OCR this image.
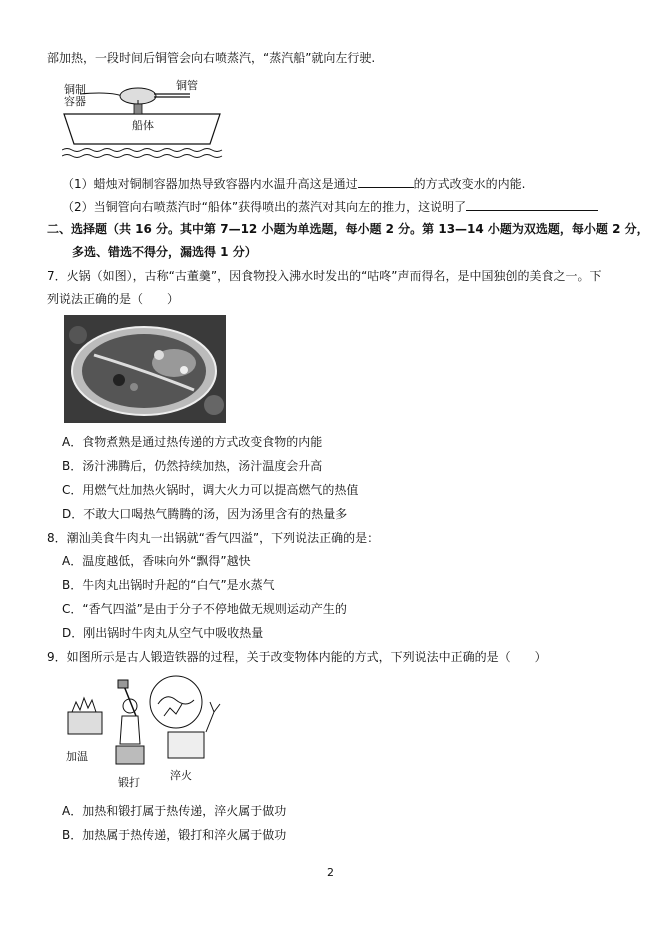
部加热，一段时间后铜管会向右喷蒸汽，“蒸汽船”就向左行驶.
铜制
容器
铜管
船体
（1）蜡烛对铜制容器加热导致容器内水温升高这是通过	的方式改变水的内能.
（2）当铜管向右喷蒸汽时“船体”获得喷出的蒸汽对其向左的推力，这说明了
二、选择题（共 16 分。其中第 7—12 小题为单选题，每小题 2 分。第 13—14 小题为双选题，每小题 2 分，
多选、错选不得分，漏选得 1 分）
7．火锅（如图），古称“古董羹”，因食物投入沸水时发出的“咕咚”声而得名，是中国独创的美食之一。下
列说法正确的是（　　）
A．食物煮熟是通过热传递的方式改变食物的内能
B．汤汁沸腾后，仍然持续加热，汤汁温度会升高
C．用燃气灶加热火锅时，调大火力可以提高燃气的热值
D．不敢大口喝热气腾腾的汤，因为汤里含有的热量多
8．潮汕美食牛肉丸一出锅就“香气四溢”，下列说法正确的是：
A．温度越低，香味向外“飘得”越快
B．牛肉丸出锅时升起的“白气”是水蒸气
C．“香气四溢”是由于分子不停地做无规则运动产生的
D．刚出锅时牛肉丸从空气中吸收热量
9．如图所示是古人锻造铁器的过程，关于改变物体内能的方式，下列说法中正确的是（　　）
加温
锻打
淬火
A．加热和锻打属于热传递，淬火属于做功
B．加热属于热传递，锻打和淬火属于做功
2
